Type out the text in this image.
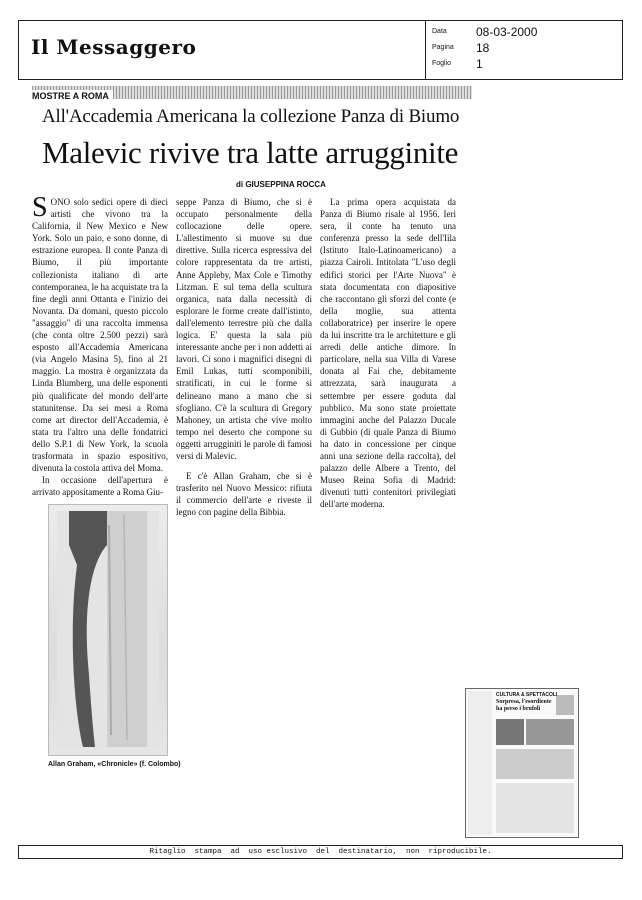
Il Messaggero
Data 08-03-2000
Pagina 18
Foglio 1
MOSTRE A ROMA
All'Accademia Americana la collezione Panza di Biumo
Malevic rivive tra latte arrugginite
di GIUSEPPINA ROCCA

SONO solo sedici opere di dieci artisti che vivono tra la California, il New Mexico e New York. Solo un paio, e sono donne, di estrazione europea. Il conte Panza di Biumo, il più importante collezionista italiano di arte contemporanea, le ha acquistate tra la fine degli anni Ottanta e l'inizio dei Novanta. Da domani, questo piccolo "assaggio" di una raccolta immensa (che conta oltre 2.500 pezzi) sarà esposto all'Accademia Americana (via Angelo Masina 5), fino al 21 maggio. La mostra è organizzata da Linda Blumberg, una delle esponenti più qualificate del mondo dell'arte statunitense. Da sei mesi a Roma come art director dell'Accademia, è stata tra l'altro una delle fondatrici dello S.P.1 di New York, la scuola trasformata in spazio espositivo, divenuta la costola attiva del Moma.

In occasione dell'apertura è arrivato appositamente a Roma Giu-

seppe Panza di Biumo, che si è occupato personalmente della collocazione delle opere. L'allestimento si muove su due direttive. Sulla ricerca espressiva del colore rappresentata da tre artisti, Anne Appleby, Max Cole e Timothy Litzman. E sul tema della scultura organica, nata dalla necessità di esplorare le forme create dall'istinto, dall'elemento terrestre più che dalla logica. E' questa la sala più interessante anche per i non addetti ai lavori. Ci sono i magnifici disegni di Emil Lukas, tutti scomponibili, stratificati, in cui le forme si delineano mano a mano che si sfogliano. C'è la scultura di Gregory Mahoney, un artista che vive molto tempo nel deserto che compone su oggetti arrugginiti le parole di famosi versi di Malevic.

E c'è Allan Graham, che si è trasferito nel Nuovo Messico: rifiuta il commercio dell'arte e riveste il legno con pagine della Bibbia.

La prima opera acquistata da Panza di Biumo risale al 1956. Ieri sera, il conte ha tenuto una conferenza presso la sede dell'Iila (Istituto Italo-Latinoamericano) a piazza Cairoli. Intitolata "L'uso degli edifici storici per l'Arte Nuova" è stata documentata con diapositive che raccontano gli sforzi del conte (e della moglie, sua attenta collaboratrice) per inserire le opere da lui inscritte tra le architetture e gli arredi delle antiche dimore. In particolare, nella sua Villa di Varese donata al Fai che, debitamente attrezzata, sarà inaugurata a settembre per essere goduta dal pubblico. Ma sono state proiettate immagini anche del Palazzo Ducale di Gubbio (di quale Panza di Biumo ha dato in concessione per cinque anni una sezione della raccolta), del palazzo delle Albere a Trento, del Museo Reina Sofia di Madrid: divenuti tutti contenitori privilegiati dell'arte moderna.

Allan Graham, «Chronicle» (f. Colombo)
CULTURA & SPETTACOLI
Sorpresa, l'esordiente ha perso i brufoli
Ritaglio  stampa  ad  uso esclusivo  del  destinatario,  non  riproducibile.
